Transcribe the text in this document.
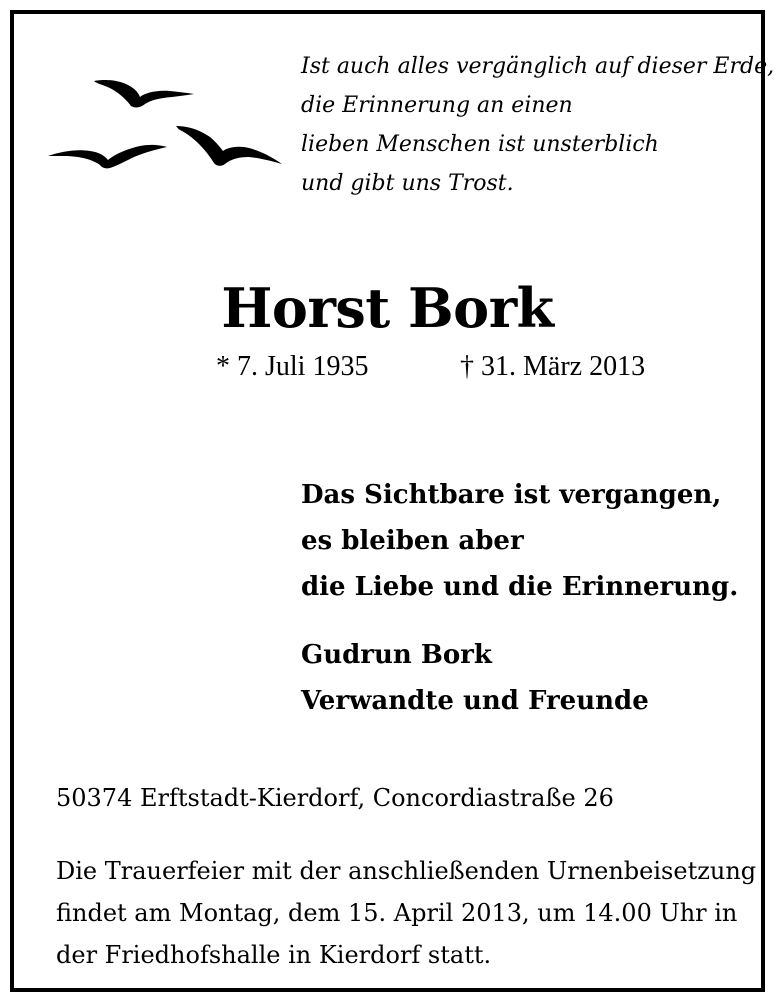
Ist auch alles vergänglich auf dieser Erde,
die Erinnerung an einen
lieben Menschen ist unsterblich
und gibt uns Trost.
Horst Bork
* 7. Juli 1935	† 31. März 2013
Das Sichtbare ist vergangen,
es bleiben aber
die Liebe und die Erinnerung.
Gudrun Bork
Verwandte und Freunde
50374 Erftstadt-Kierdorf, Concordiastraße 26
Die Trauerfeier mit der anschließenden Urnenbeisetzung
findet am Montag, dem 15. April 2013, um 14.00 Uhr in
der Friedhofshalle in Kierdorf statt.
